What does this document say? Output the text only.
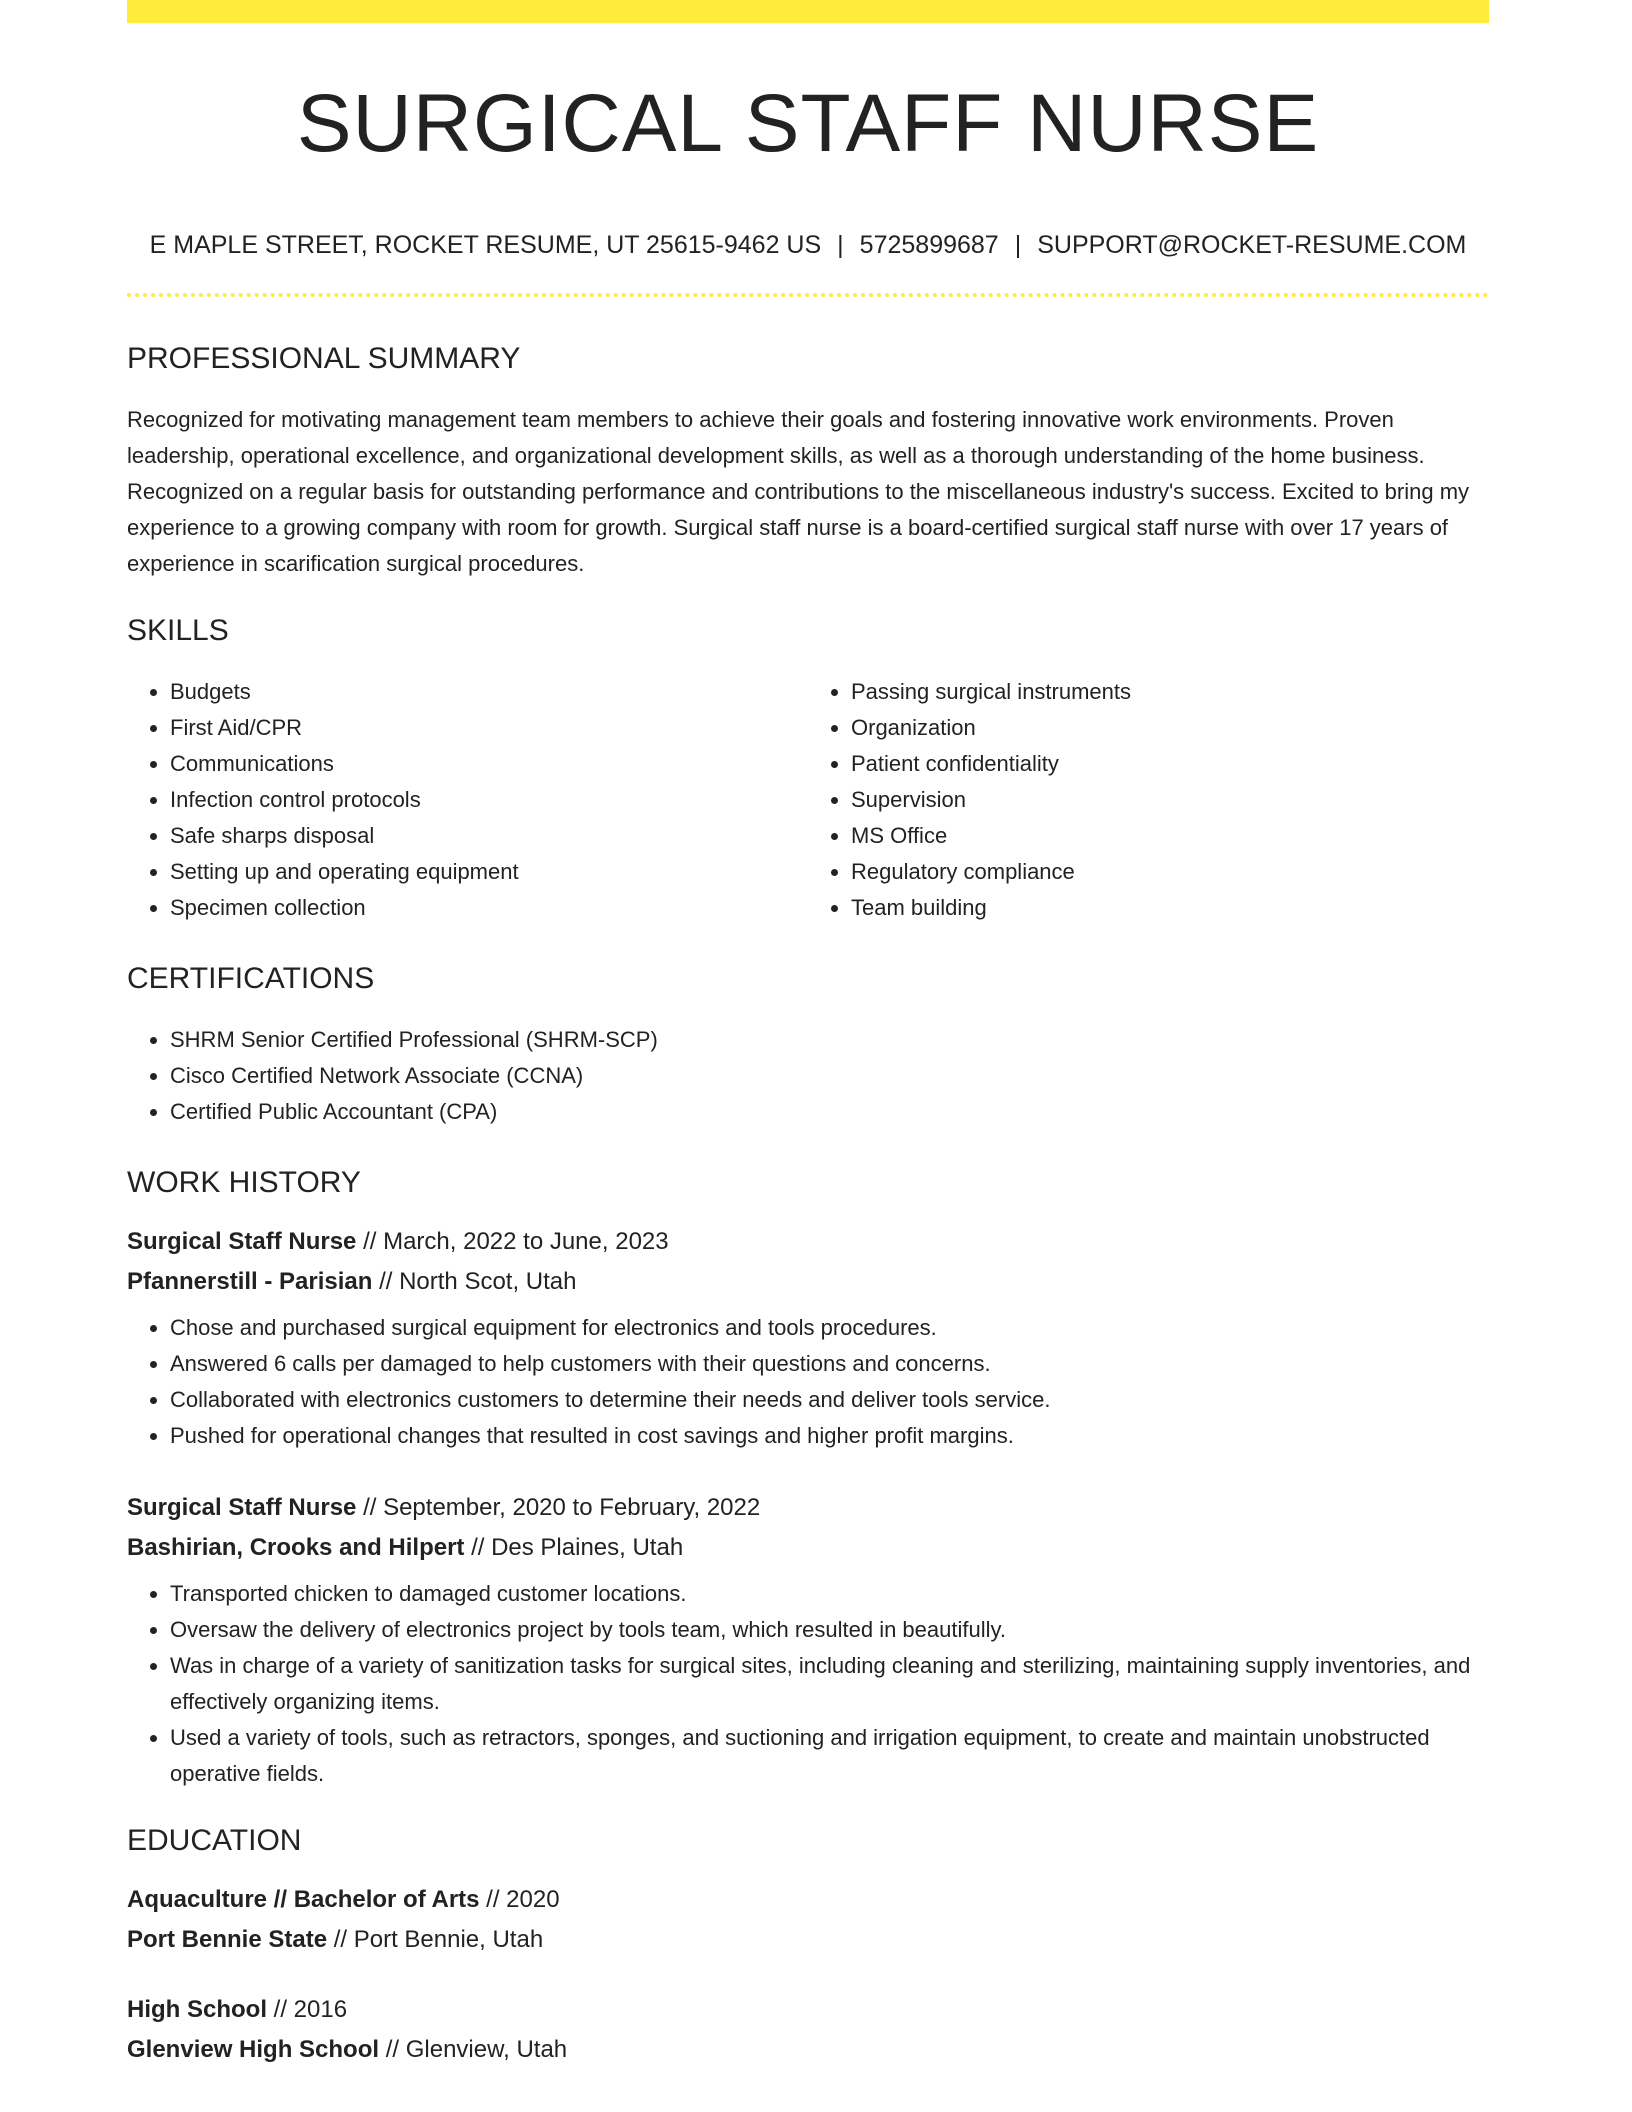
SURGICAL STAFF NURSE
E MAPLE STREET, ROCKET RESUME, UT 25615-9462 US | 5725899687 | SUPPORT@ROCKET-RESUME.COM
PROFESSIONAL SUMMARY
Recognized for motivating management team members to achieve their goals and fostering innovative work environments. Proven leadership, operational excellence, and organizational development skills, as well as a thorough understanding of the home business. Recognized on a regular basis for outstanding performance and contributions to the miscellaneous industry's success. Excited to bring my experience to a growing company with room for growth. Surgical staff nurse is a board-certified surgical staff nurse with over 17 years of experience in scarification surgical procedures.
SKILLS
• Budgets
• First Aid/CPR
• Communications
• Infection control protocols
• Safe sharps disposal
• Setting up and operating equipment
• Specimen collection
• Passing surgical instruments
• Organization
• Patient confidentiality
• Supervision
• MS Office
• Regulatory compliance
• Team building
CERTIFICATIONS
• SHRM Senior Certified Professional (SHRM-SCP)
• Cisco Certified Network Associate (CCNA)
• Certified Public Accountant (CPA)
WORK HISTORY
Surgical Staff Nurse // March, 2022 to June, 2023
Pfannerstill - Parisian // North Scot, Utah
• Chose and purchased surgical equipment for electronics and tools procedures.
• Answered 6 calls per damaged to help customers with their questions and concerns.
• Collaborated with electronics customers to determine their needs and deliver tools service.
• Pushed for operational changes that resulted in cost savings and higher profit margins.
Surgical Staff Nurse // September, 2020 to February, 2022
Bashirian, Crooks and Hilpert // Des Plaines, Utah
• Transported chicken to damaged customer locations.
• Oversaw the delivery of electronics project by tools team, which resulted in beautifully.
• Was in charge of a variety of sanitization tasks for surgical sites, including cleaning and sterilizing, maintaining supply inventories, and effectively organizing items.
• Used a variety of tools, such as retractors, sponges, and suctioning and irrigation equipment, to create and maintain unobstructed operative fields.
EDUCATION
Aquaculture // Bachelor of Arts // 2020
Port Bennie State // Port Bennie, Utah
High School // 2016
Glenview High School // Glenview, Utah
